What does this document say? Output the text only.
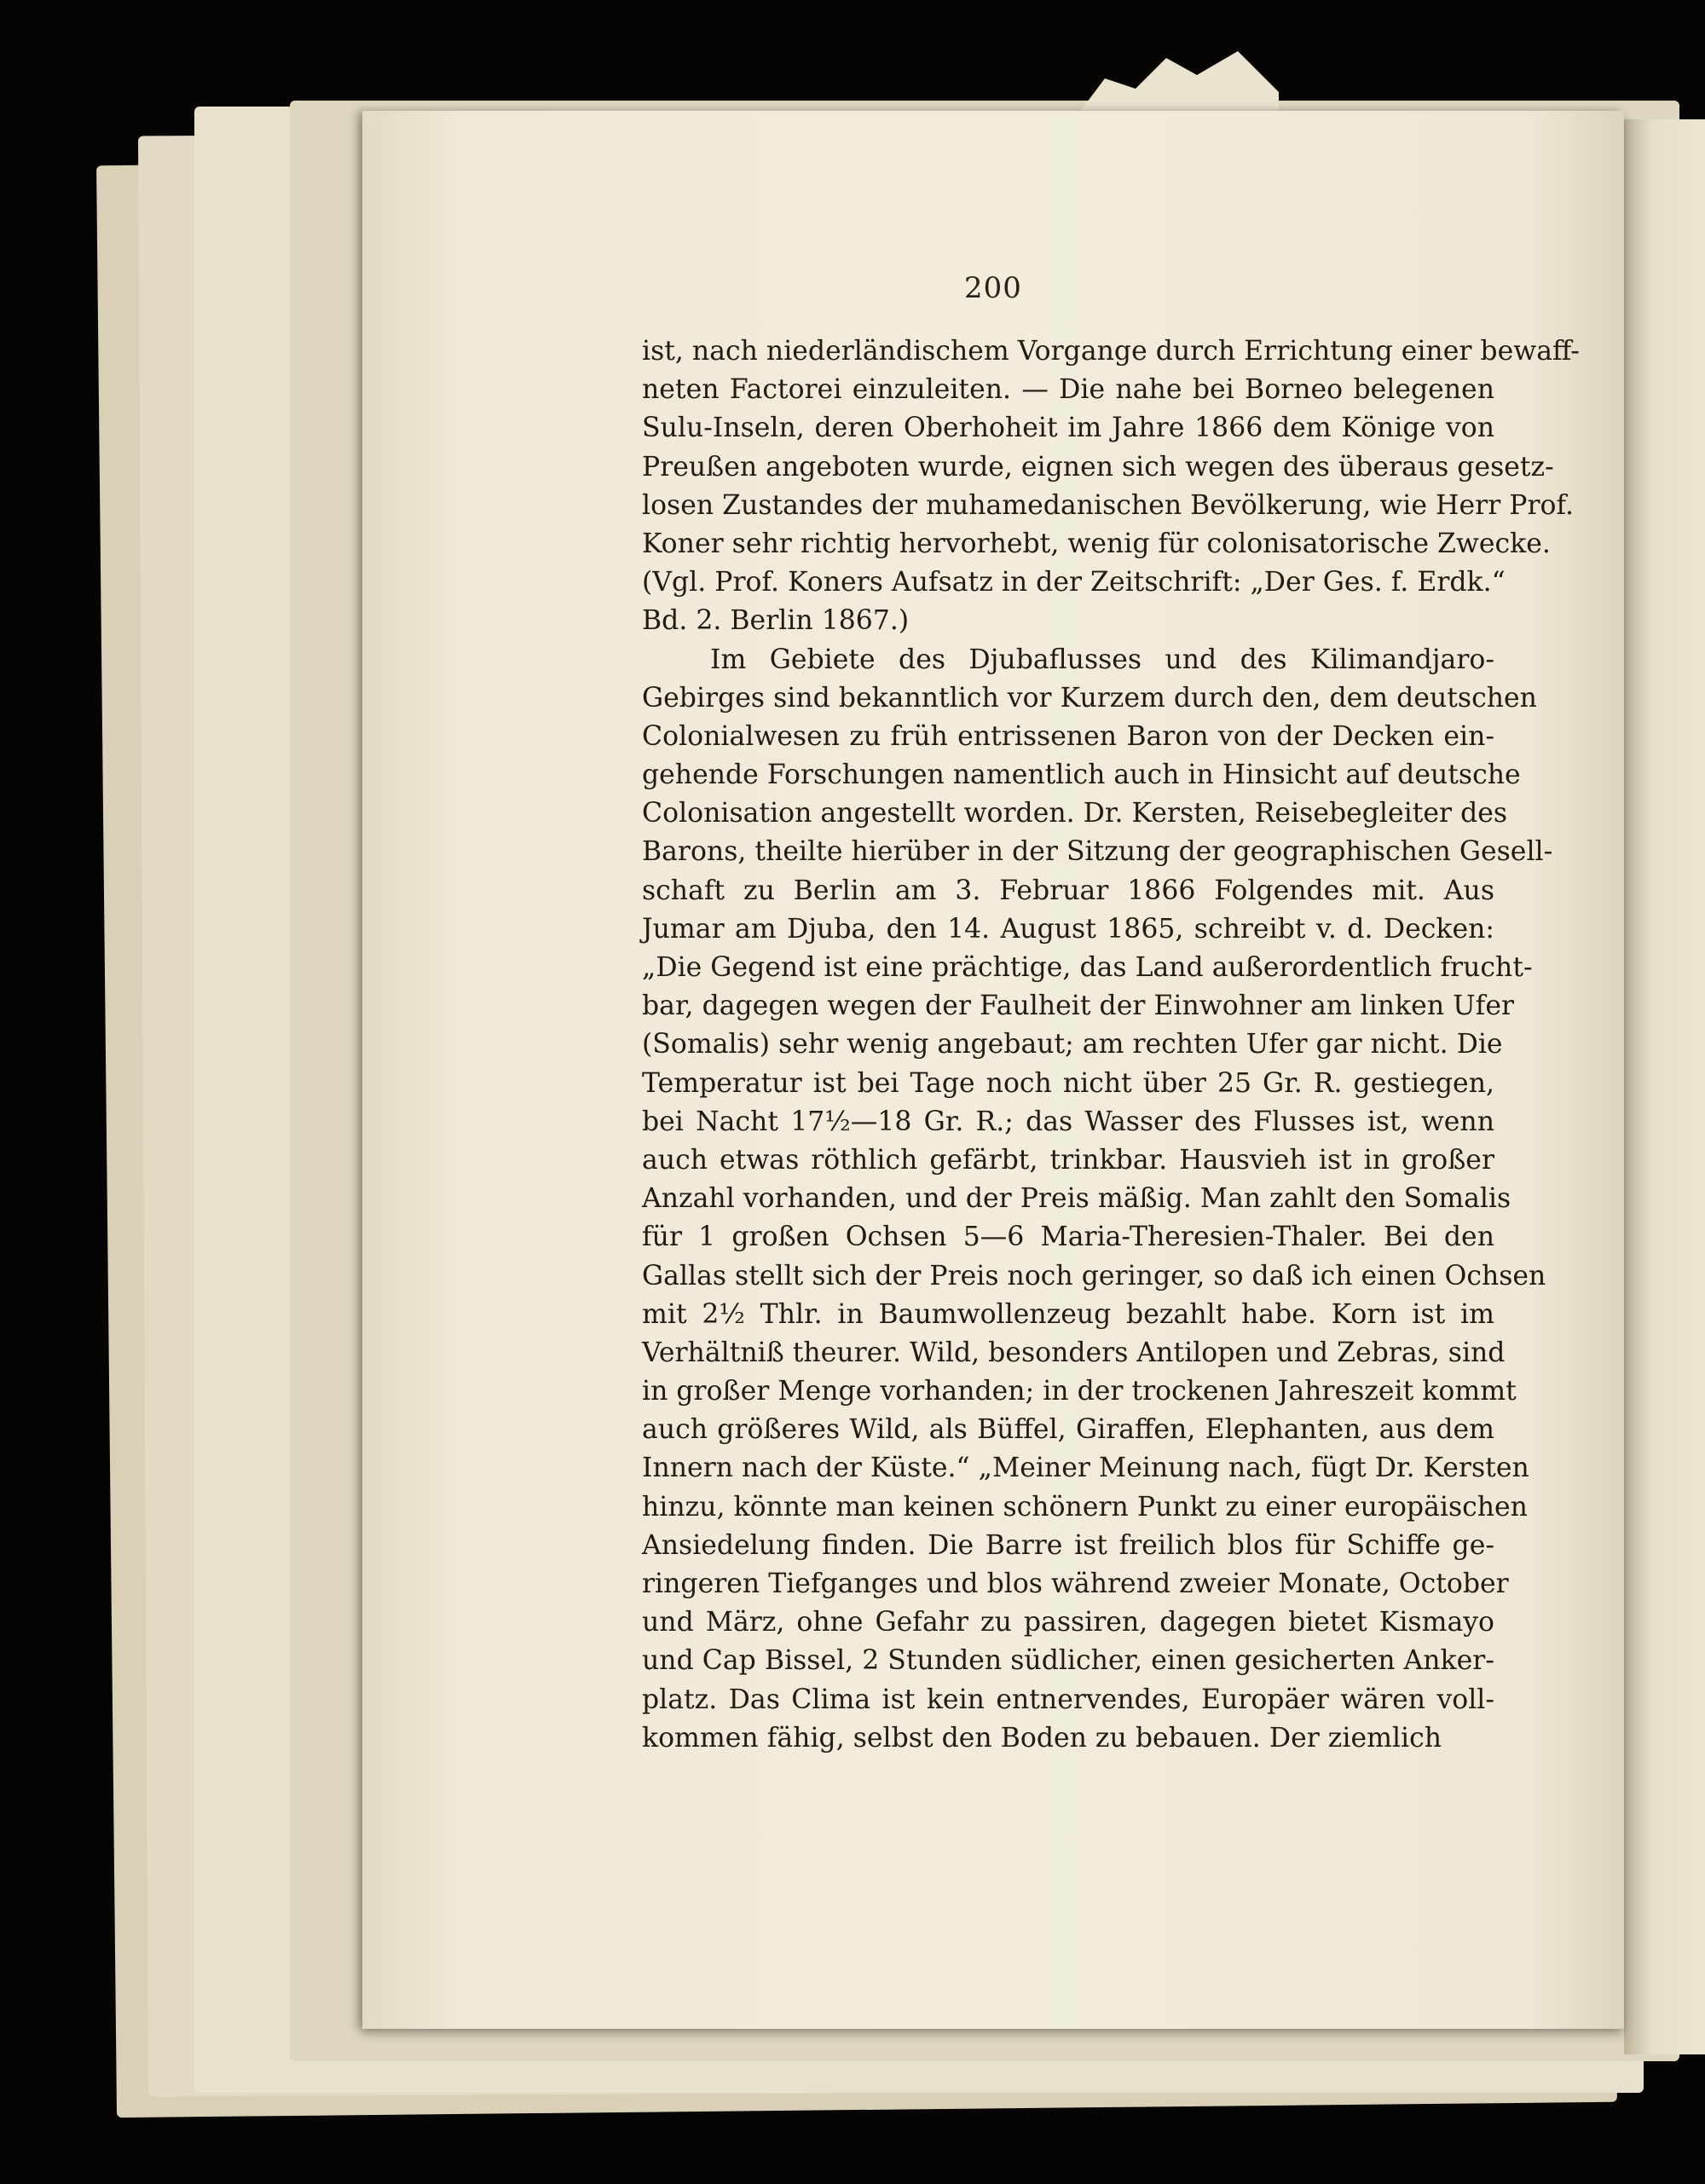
200
ist, nach niederländischem Vorgange durch Errichtung einer bewaff-
neten Factorei einzuleiten. — Die nahe bei Borneo belegenen
Sulu-Inseln, deren Oberhoheit im Jahre 1866 dem Könige von
Preußen angeboten wurde, eignen sich wegen des überaus gesetz-
losen Zustandes der muhamedanischen Bevölkerung, wie Herr Prof.
Koner sehr richtig hervorhebt, wenig für colonisatorische Zwecke.
(Vgl. Prof. Koners Aufsatz in der Zeitschrift: „Der Ges. f. Erdk.“
Bd. 2. Berlin 1867.)
Im Gebiete des Djubaflusses und des Kilimandjaro-
Gebirges sind bekanntlich vor Kurzem durch den, dem deutschen
Colonialwesen zu früh entrissenen Baron von der Decken ein-
gehende Forschungen namentlich auch in Hinsicht auf deutsche
Colonisation angestellt worden. Dr. Kersten, Reisebegleiter des
Barons, theilte hierüber in der Sitzung der geographischen Gesell-
schaft zu Berlin am 3. Februar 1866 Folgendes mit. Aus
Jumar am Djuba, den 14. August 1865, schreibt v. d. Decken:
„Die Gegend ist eine prächtige, das Land außerordentlich frucht-
bar, dagegen wegen der Faulheit der Einwohner am linken Ufer
(Somalis) sehr wenig angebaut; am rechten Ufer gar nicht. Die
Temperatur ist bei Tage noch nicht über 25 Gr. R. gestiegen,
bei Nacht 17½—18 Gr. R.; das Wasser des Flusses ist, wenn
auch etwas röthlich gefärbt, trinkbar. Hausvieh ist in großer
Anzahl vorhanden, und der Preis mäßig. Man zahlt den Somalis
für 1 großen Ochsen 5—6 Maria-Theresien-Thaler. Bei den
Gallas stellt sich der Preis noch geringer, so daß ich einen Ochsen
mit 2½ Thlr. in Baumwollenzeug bezahlt habe. Korn ist im
Verhältniß theurer. Wild, besonders Antilopen und Zebras, sind
in großer Menge vorhanden; in der trockenen Jahreszeit kommt
auch größeres Wild, als Büffel, Giraffen, Elephanten, aus dem
Innern nach der Küste.“ „Meiner Meinung nach, fügt Dr. Kersten
hinzu, könnte man keinen schönern Punkt zu einer europäischen
Ansiedelung finden. Die Barre ist freilich blos für Schiffe ge-
ringeren Tiefganges und blos während zweier Monate, October
und März, ohne Gefahr zu passiren, dagegen bietet Kismayo
und Cap Bissel, 2 Stunden südlicher, einen gesicherten Anker-
platz. Das Clima ist kein entnervendes, Europäer wären voll-
kommen fähig, selbst den Boden zu bebauen. Der ziemlich
